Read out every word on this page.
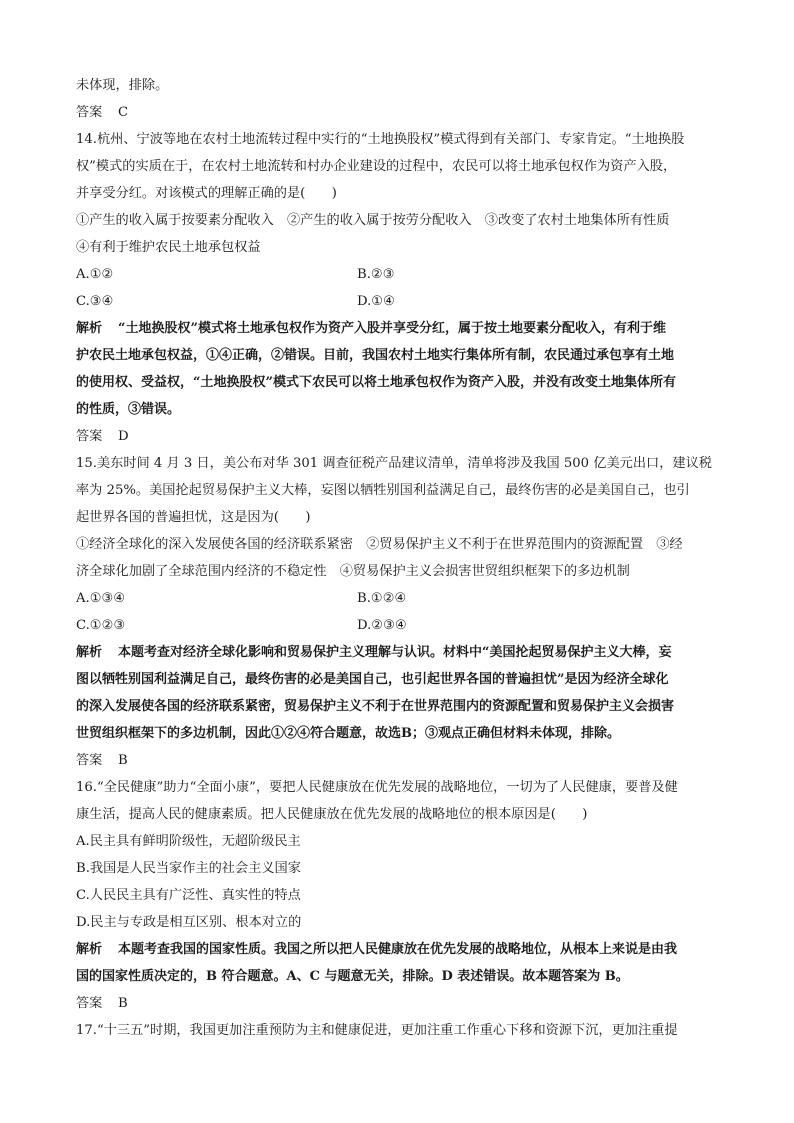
未体现，排除。
答案 C
14.杭州、宁波等地在农村土地流转过程中实行的“土地换股权”模式得到有关部门、专家肯定。“土地换股
权”模式的实质在于，在农村土地流转和村办企业建设的过程中，农民可以将土地承包权作为资产入股，
并享受分红。对该模式的理解正确的是(　　)
①产生的收入属于按要素分配收入　②产生的收入属于按劳分配收入　③改变了农村土地集体所有性质
④有利于维护农民土地承包权益
A.①②	B.②③
C.③④	D.①④
解析 “土地换股权”模式将土地承包权作为资产入股并享受分红，属于按土地要素分配收入，有利于维
护农民土地承包权益，①④正确，②错误。目前，我国农村土地实行集体所有制，农民通过承包享有土地
的使用权、受益权，“土地换股权”模式下农民可以将土地承包权作为资产入股，并没有改变土地集体所有
的性质，③错误。
答案 D
15.美东时间 4 月 3 日，美公布对华 301 调查征税产品建议清单，清单将涉及我国 500 亿美元出口，建议税
率为 25%。美国抡起贸易保护主义大棒，妄图以牺牲别国利益满足自己，最终伤害的必是美国自己，也引
起世界各国的普遍担忧，这是因为(　　)
①经济全球化的深入发展使各国的经济联系紧密　②贸易保护主义不利于在世界范围内的资源配置　③经
济全球化加剧了全球范围内经济的不稳定性　④贸易保护主义会损害世贸组织框架下的多边机制
A.①③④	B.①②④
C.①②③	D.②③④
解析 本题考查对经济全球化影响和贸易保护主义理解与认识。材料中“美国抡起贸易保护主义大棒，妄
图以牺牲别国利益满足自己，最终伤害的必是美国自己，也引起世界各国的普遍担忧”是因为经济全球化
的深入发展使各国的经济联系紧密，贸易保护主义不利于在世界范围内的资源配置和贸易保护主义会损害
世贸组织框架下的多边机制，因此①②④符合题意，故选B；③观点正确但材料未体现，排除。
答案 B
16.“全民健康”助力“全面小康”，要把人民健康放在优先发展的战略地位，一切为了人民健康，要普及健
康生活，提高人民的健康素质。把人民健康放在优先发展的战略地位的根本原因是(　　)
A.民主具有鲜明阶级性，无超阶级民主
B.我国是人民当家作主的社会主义国家
C.人民民主具有广泛性、真实性的特点
D.民主与专政是相互区别、根本对立的
解析 本题考查我国的国家性质。我国之所以把人民健康放在优先发展的战略地位，从根本上来说是由我
国的国家性质决定的，B 符合题意。A、C 与题意无关，排除。D 表述错误。故本题答案为 B。
答案 B
17.“十三五”时期，我国更加注重预防为主和健康促进，更加注重工作重心下移和资源下沉，更加注重提
